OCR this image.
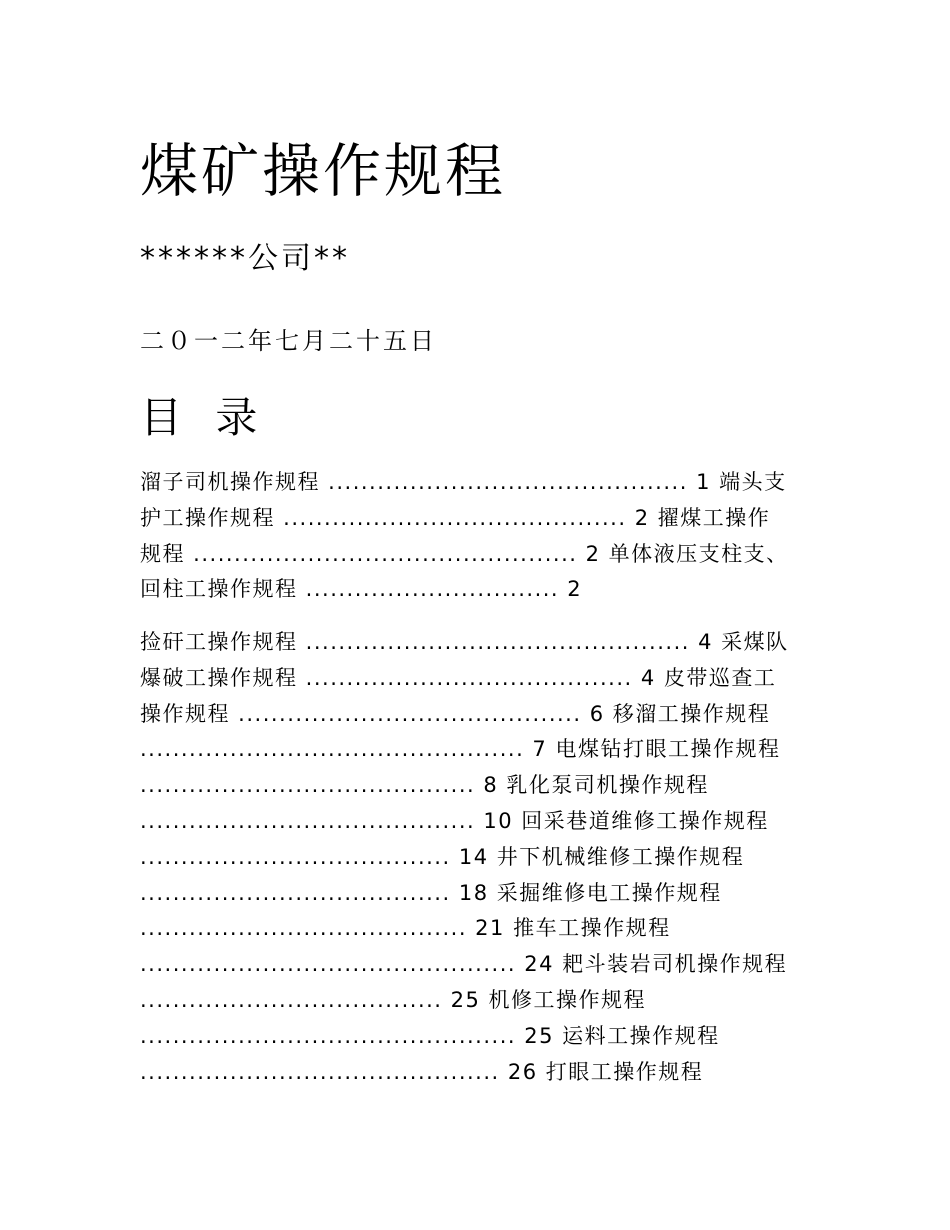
煤矿操作规程
******公司**
二０一二年七月二十五日
目 录
溜子司机操作规程 ............................................ 1 端头支
护工操作规程 .......................................... 2 擢煤工操作
规程 ............................................... 2 单体液压支柱支、
回柱工操作规程 ............................... 2
捡矸工操作规程 ............................................... 4 采煤队
爆破工操作规程 ........................................ 4 皮带巡查工
操作规程 .......................................... 6 移溜工操作规程
............................................... 7 电煤钻打眼工操作规程
......................................... 8 乳化泵司机操作规程
......................................... 10 回采巷道维修工操作规程
...................................... 14 井下机械维修工操作规程
...................................... 18 采掘维修电工操作规程
........................................ 21 推车工操作规程
.............................................. 24 耙斗装岩司机操作规程
..................................... 25 机修工操作规程
.............................................. 25 运料工操作规程
............................................ 26 打眼工操作规程
